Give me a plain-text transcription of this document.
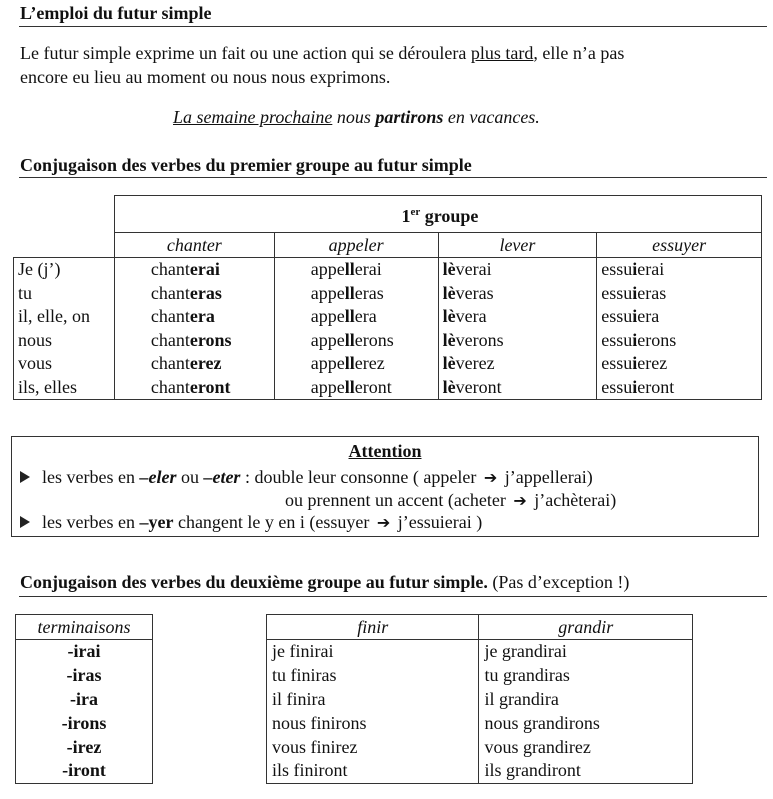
L’emploi du futur simple
Le futur simple exprime un fait ou une action qui se déroulera plus tard, elle n’a pas
encore eu lieu au moment ou nous nous exprimons.
La semaine prochaine nous partirons en vacances.
Conjugaison des verbes du premier groupe au futur simple
	1er groupe			
	chanter	appeler	lever	essuyer
Je (j’)	chanterai	appellerai	lèverai	essuierai
tu	chanteras	appelleras	lèveras	essuieras
il, elle, on	chantera	appellera	lèvera	essuiera
nous	chanterons	appellerons	lèverons	essuierons
vous	chanterez	appellerez	lèverez	essuierez
ils, elles	chanteront	appelleront	lèveront	essuieront
Attention
les verbes en –eler ou –eter : double leur consonne ( appeler ➔ j’appellerai)
ou prennent un accent (acheter ➔ j’achèterai)
les verbes en –yer changent le y en i (essuyer ➔ j’essuierai )
Conjugaison des verbes du deuxième groupe au futur simple. (Pas d’exception !)
terminaisons
-irai
-iras
-ira
-irons
-irez
-iront
finir	grandir
je finirai	je grandirai
tu finiras	tu grandiras
il finira	il grandira
nous finirons	nous grandirons
vous finirez	vous grandirez
ils finiront	ils grandiront
